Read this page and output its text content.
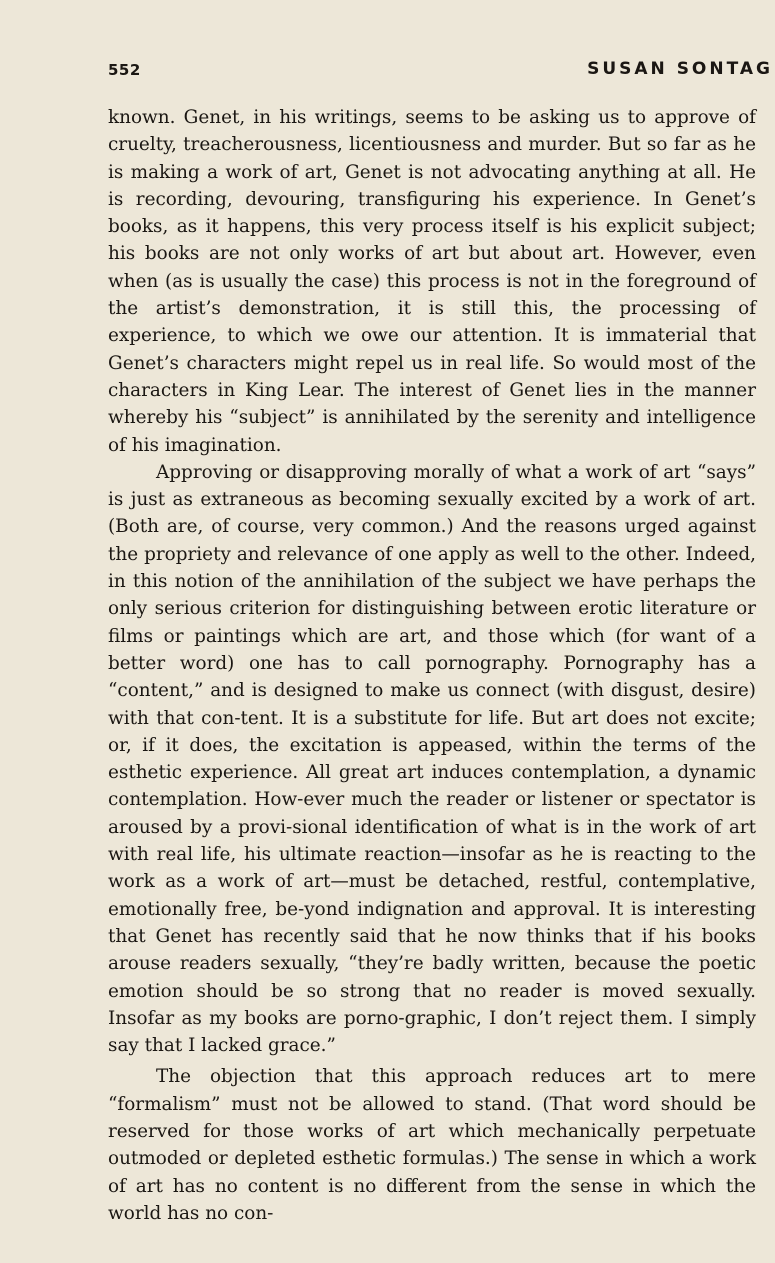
552	SUSAN SONTAG

known. Genet, in his writings, seems to be asking us to approve of cruelty, treacherousness, licentiousness and murder. But so far as he is making a work of art, Genet is not advocating anything at all. He is recording, devouring, transfiguring his experience. In Genet’s books, as it happens, this very process itself is his explicit subject; his books are not only works of art but about art. However, even when (as is usually the case) this process is not in the foreground of the artist’s demonstration, it is still this, the processing of experience, to which we owe our attention. It is immaterial that Genet’s characters might repel us in real life. So would most of the characters in King Lear. The interest of Genet lies in the manner whereby his “subject” is annihilated by the serenity and intelligence of his imagination.

Approving or disapproving morally of what a work of art “says” is just as extraneous as becoming sexually excited by a work of art. (Both are, of course, very common.) And the reasons urged against the propriety and relevance of one apply as well to the other. Indeed, in this notion of the annihilation of the subject we have perhaps the only serious criterion for distinguishing between erotic literature or films or paintings which are art, and those which (for want of a better word) one has to call pornography. Pornography has a “content,” and is designed to make us connect (with disgust, desire) with that con-tent. It is a substitute for life. But art does not excite; or, if it does, the excitation is appeased, within the terms of the esthetic experience. All great art induces contemplation, a dynamic contemplation. How-ever much the reader or listener or spectator is aroused by a provi-sional identification of what is in the work of art with real life, his ultimate reaction—insofar as he is reacting to the work as a work of art—must be detached, restful, contemplative, emotionally free, be-yond indignation and approval. It is interesting that Genet has recently said that he now thinks that if his books arouse readers sexually, “they’re badly written, because the poetic emotion should be so strong that no reader is moved sexually. Insofar as my books are porno-graphic, I don’t reject them. I simply say that I lacked grace.”

The objection that this approach reduces art to mere “formalism” must not be allowed to stand. (That word should be reserved for those works of art which mechanically perpetuate outmoded or depleted esthetic formulas.) The sense in which a work of art has no content is no different from the sense in which the world has no con-
